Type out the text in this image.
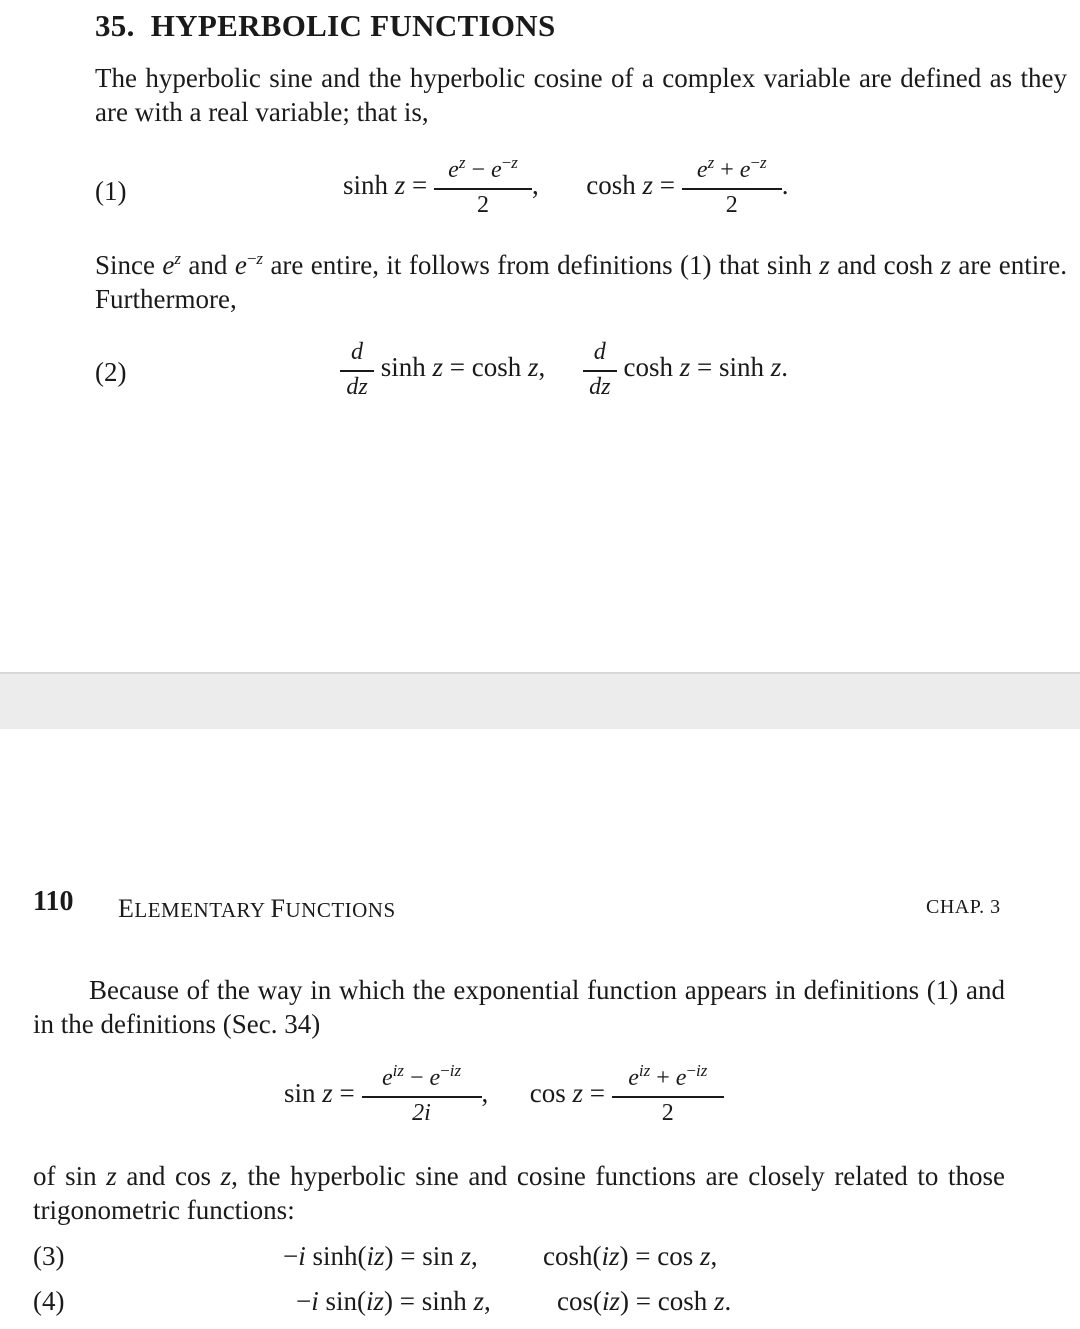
35. HYPERBOLIC FUNCTIONS
The hyperbolic sine and the hyperbolic cosine of a complex variable are defined as they are with a real variable; that is,
(1)	$\sinh z = \frac{e^z - e^{-z}}{2}$ ,  $\cosh z = \frac{e^z + e^{-z}}{2}$ .
Since $e^z$ and $e^{-z}$ are entire, it follows from definitions (1) that sinh z and cosh z are entire. Furthermore,
(2)	$\frac{d}{dz}$ sinh z = cosh z, $\frac{d}{dz}$ cosh z = sinh z.
110 ELEMENTARY FUNCTIONS	CHAP. 3
Because of the way in which the exponential function appears in definitions (1) and in the definitions (Sec. 34)
$\sin z = \frac{e^{iz} - e^{-iz}}{2i}$ ,  $\cos z = \frac{e^{iz} + e^{-iz}}{2}$
of sin z and cos z, the hyperbolic sine and cosine functions are closely related to those trigonometric functions:
(3)	−i sinh(iz) = sin z, cosh(iz) = cos z,
(4)	−i sin(iz) = sinh z, cos(iz) = cosh z.
